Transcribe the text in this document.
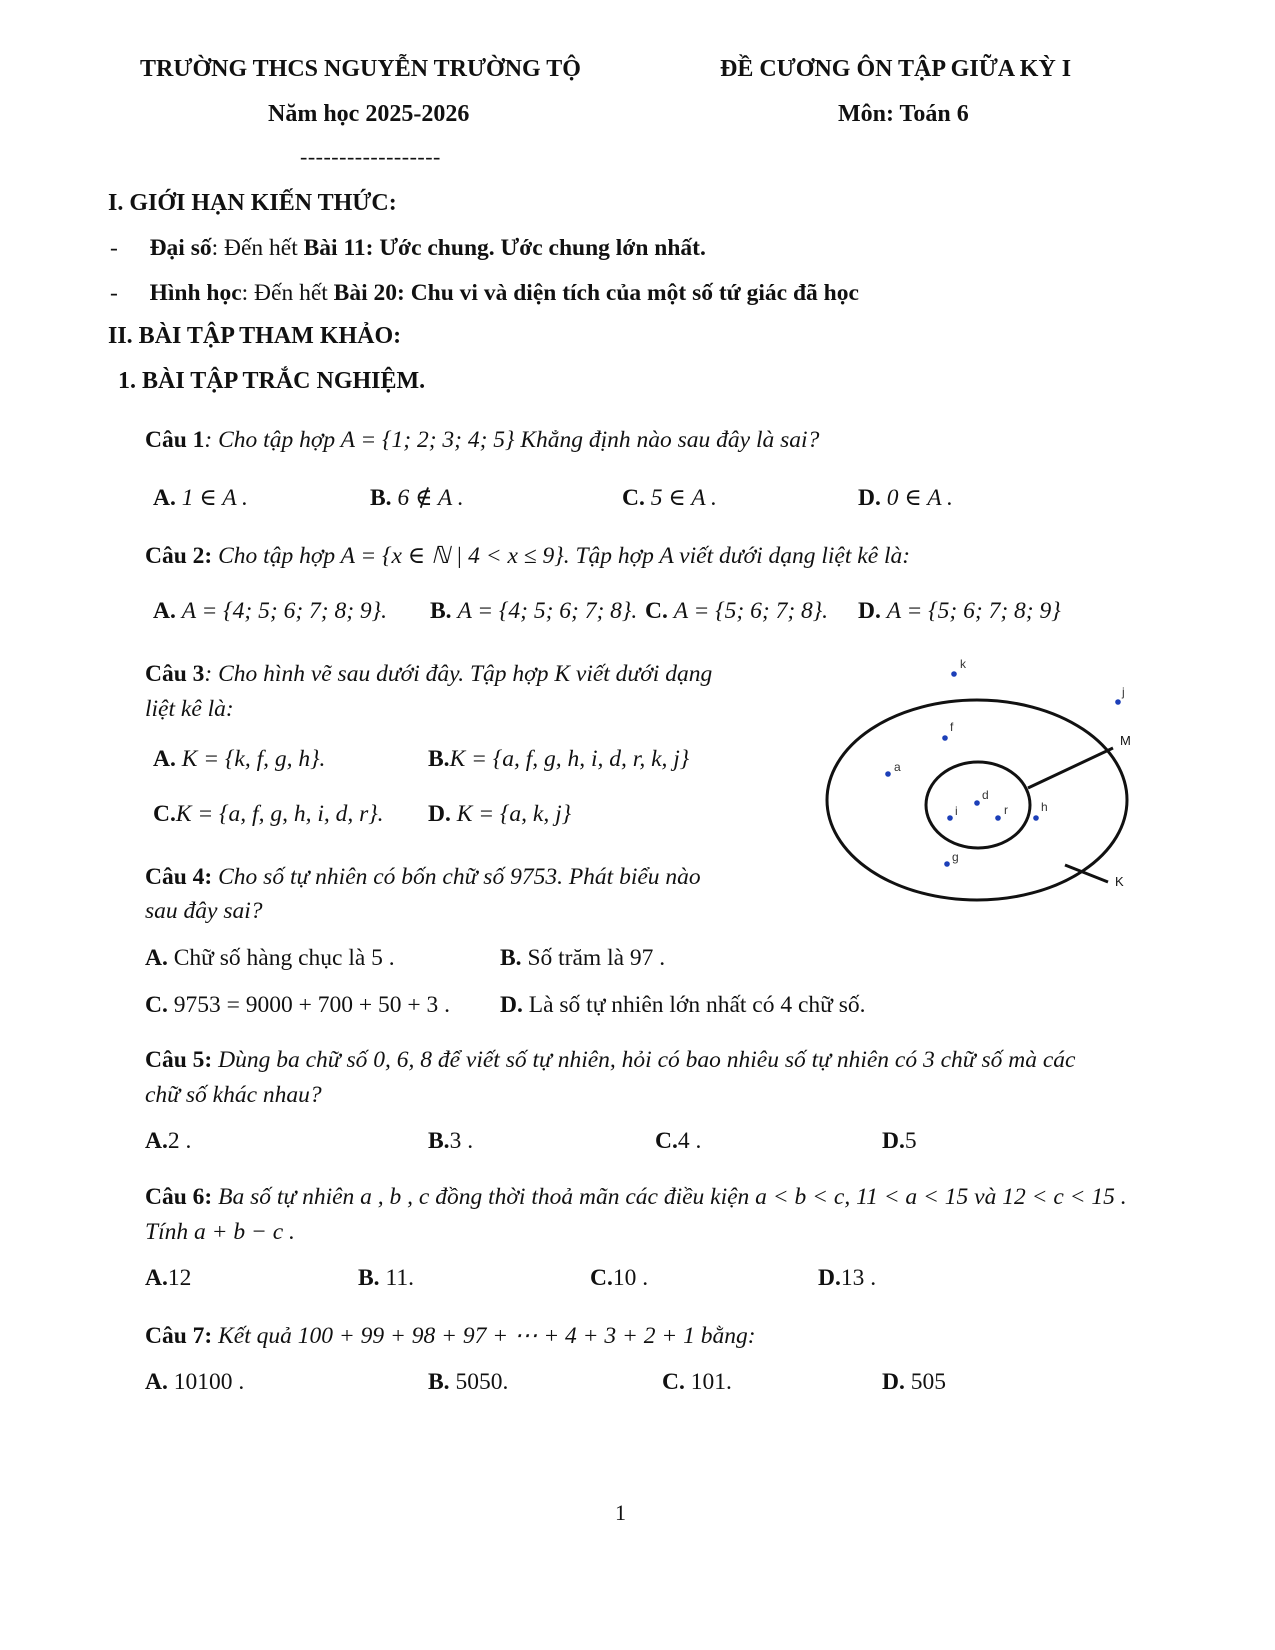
TRƯỜNG THCS NGUYỄN TRƯỜNG TỘ
Năm học 2025-2026
------------------
ĐỀ CƯƠNG ÔN TẬP GIỮA KỲ I
Môn: Toán 6
I. GIỚI HẠN KIẾN THỨC:
- Đại số: Đến hết Bài 11: Ước chung. Ước chung lớn nhất.
- Hình học: Đến hết Bài 20: Chu vi và diện tích của một số tứ giác đã học
II. BÀI TẬP THAM KHẢO:
1. BÀI TẬP TRẮC NGHIỆM.
Câu 1: Cho tập hợp A = {1; 2; 3; 4; 5} Khẳng định nào sau đây là sai?
A. 1 ∈ A .	B. 6 ∉ A .	C. 5 ∈ A .	D. 0 ∈ A .
Câu 2: Cho tập hợp A = {x ∈ ℕ | 4 < x ≤ 9}. Tập hợp A viết dưới dạng liệt kê là:
A. A = {4; 5; 6; 7; 8; 9}. B. A = {4; 5; 6; 7; 8}. C. A = {5; 6; 7; 8}. D. A = {5; 6; 7; 8; 9}
Câu 3: Cho hình vẽ sau dưới đây. Tập hợp K viết dưới dạng
liệt kê là:
A. K = {k, f, g, h}.	B.K = {a, f, g, h, i, d, r, k, j}
C.K = {a, f, g, h, i, d, r}. D. K = {a, k, j}
M
K
k
j
f
a
d
i	r	h
g
Câu 4: Cho số tự nhiên có bốn chữ số 9753. Phát biểu nào
sau đây sai?
A. Chữ số hàng chục là 5 .	B. Số trăm là 97 .
C. 9753 = 9000 + 700 + 50 + 3 . D. Là số tự nhiên lớn nhất có 4 chữ số.
Câu 5: Dùng ba chữ số 0, 6, 8 để viết số tự nhiên, hỏi có bao nhiêu số tự nhiên có 3 chữ số mà các
chữ số khác nhau?
A.2 .	B.3 .	C.4 .	D.5
Câu 6: Ba số tự nhiên a , b , c đồng thời thoả mãn các điều kiện a < b < c, 11 < a < 15 và 12 < c < 15 .
Tính a + b − c .
A.12	B. 11.	C.10 .	D.13 .
Câu 7: Kết quả 100 + 99 + 98 + 97 + ⋯ + 4 + 3 + 2 + 1 bằng:
A. 10100 .	B. 5050.	C. 101.	D. 505
1
